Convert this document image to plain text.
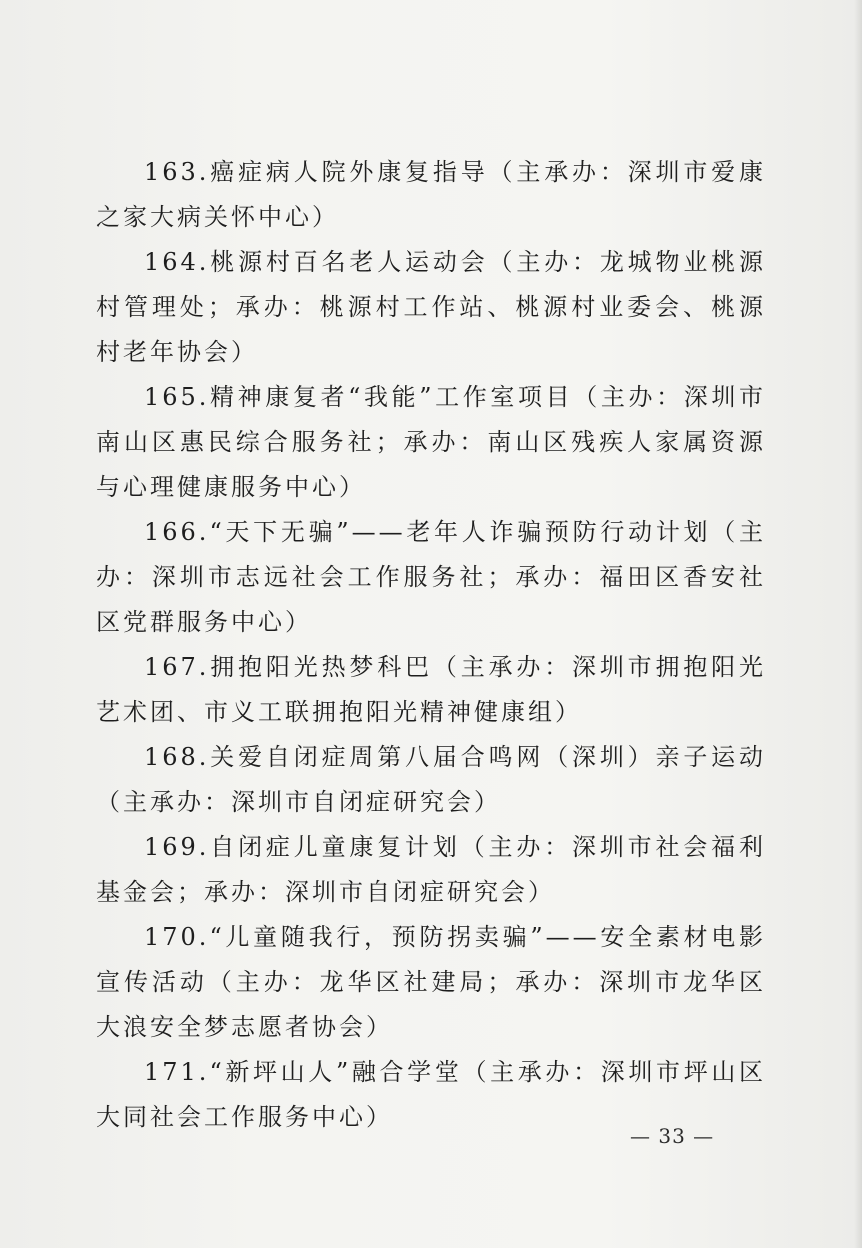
163.癌症病人院外康复指导（主承办：深圳市爱康之家大病关怀中心）

164.桃源村百名老人运动会（主办：龙城物业桃源村管理处；承办：桃源村工作站、桃源村业委会、桃源村老年协会）

165.精神康复者“我能”工作室项目（主办：深圳市南山区惠民综合服务社；承办：南山区残疾人家属资源与心理健康服务中心）

166.“天下无骗”——老年人诈骗预防行动计划（主办：深圳市志远社会工作服务社；承办：福田区香安社区党群服务中心）

167.拥抱阳光热梦科巴（主承办：深圳市拥抱阳光艺术团、市义工联拥抱阳光精神健康组）

168.关爱自闭症周第八届合鸣网（深圳）亲子运动（主承办：深圳市自闭症研究会）

169.自闭症儿童康复计划（主办：深圳市社会福利基金会；承办：深圳市自闭症研究会）

170.“儿童随我行，预防拐卖骗”——安全素材电影宣传活动（主办：龙华区社建局；承办：深圳市龙华区大浪安全梦志愿者协会）

171.“新坪山人”融合学堂（主承办：深圳市坪山区大同社会工作服务中心）

— 33 —
